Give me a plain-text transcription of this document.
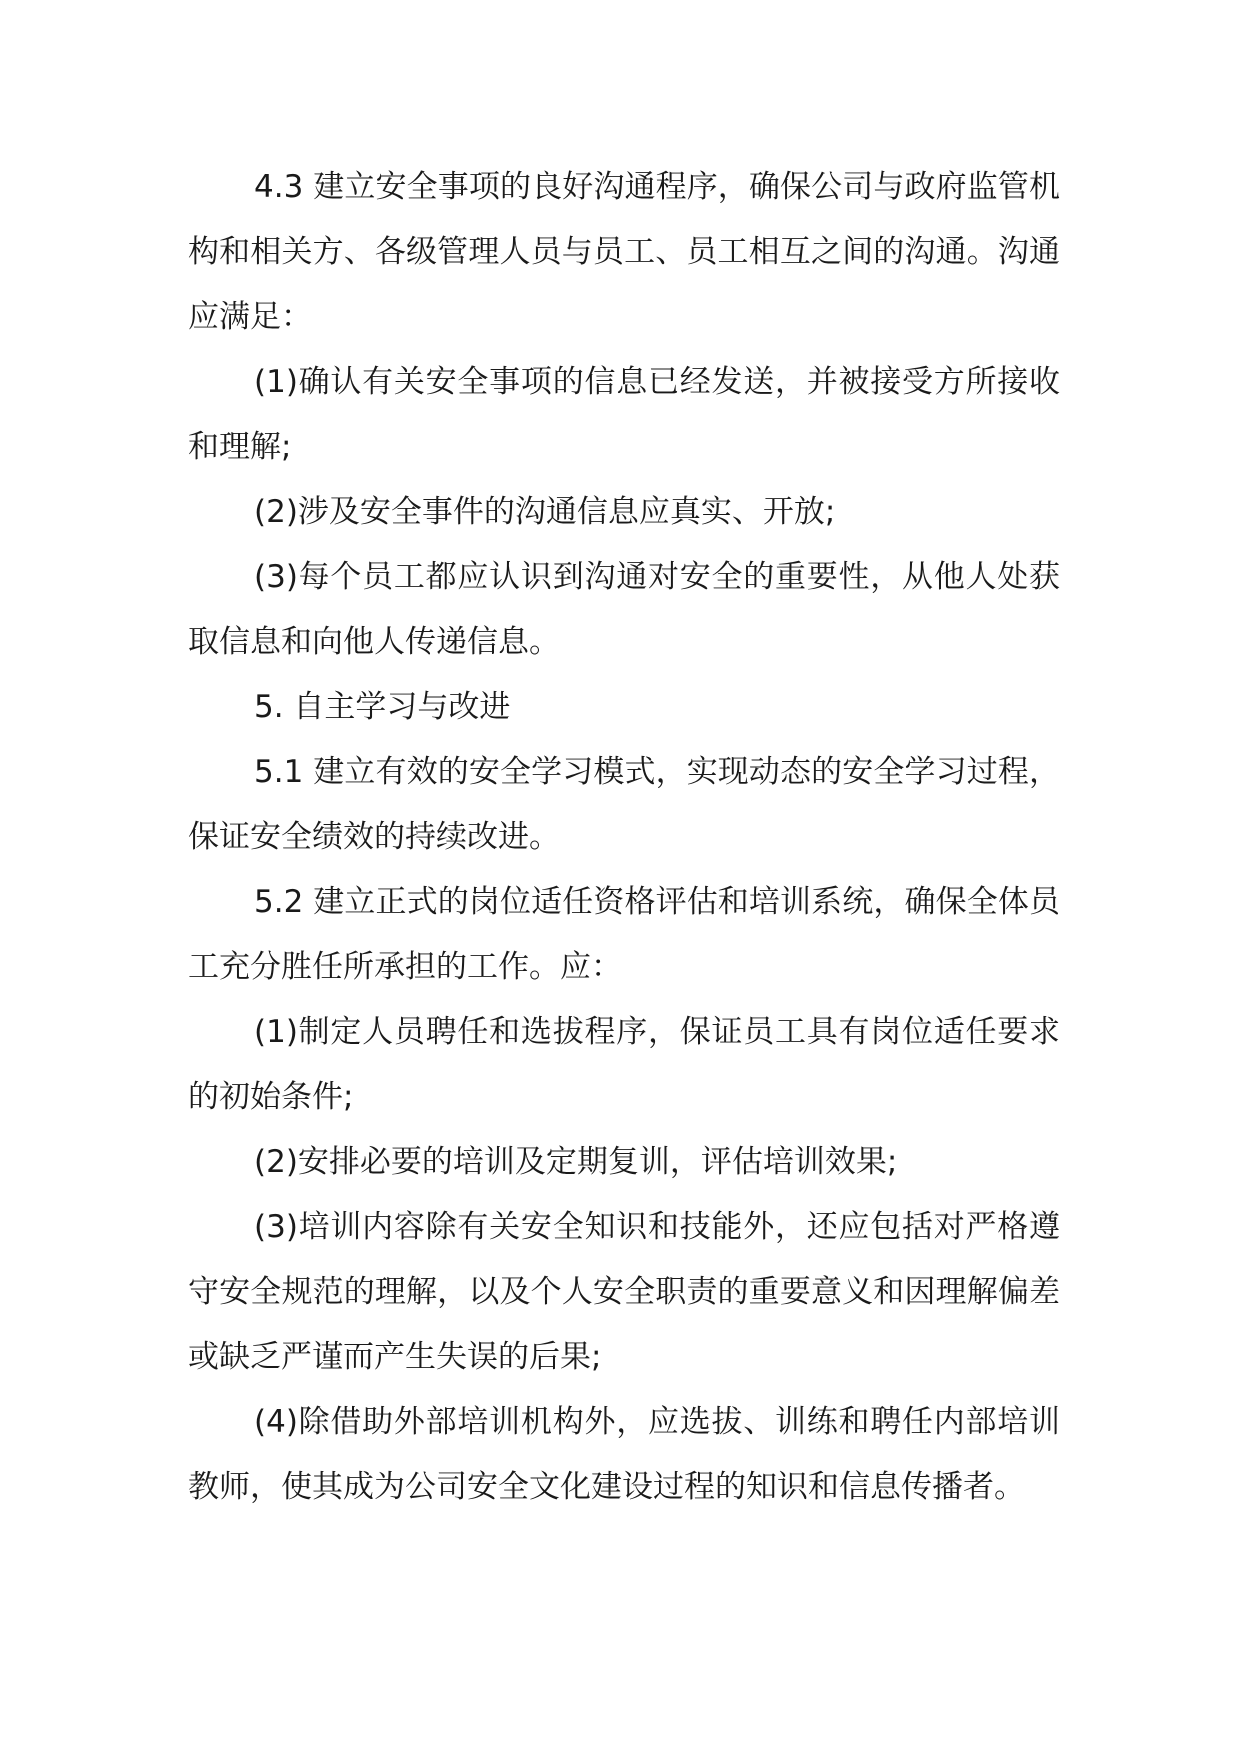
4.3 建立安全事项的良好沟通程序，确保公司与政府监管机构和相关方、各级管理人员与员工、员工相互之间的沟通。沟通应满足：

(1)确认有关安全事项的信息已经发送，并被接受方所接收和理解;

(2)涉及安全事件的沟通信息应真实、开放;

(3)每个员工都应认识到沟通对安全的重要性，从他人处获取信息和向他人传递信息。

5. 自主学习与改进

5.1 建立有效的安全学习模式，实现动态的安全学习过程，保证安全绩效的持续改进。

5.2 建立正式的岗位适任资格评估和培训系统，确保全体员工充分胜任所承担的工作。应：

(1)制定人员聘任和选拔程序，保证员工具有岗位适任要求的初始条件;

(2)安排必要的培训及定期复训，评估培训效果;

(3)培训内容除有关安全知识和技能外，还应包括对严格遵守安全规范的理解，以及个人安全职责的重要意义和因理解偏差或缺乏严谨而产生失误的后果;

(4)除借助外部培训机构外，应选拔、训练和聘任内部培训教师，使其成为公司安全文化建设过程的知识和信息传播者。
